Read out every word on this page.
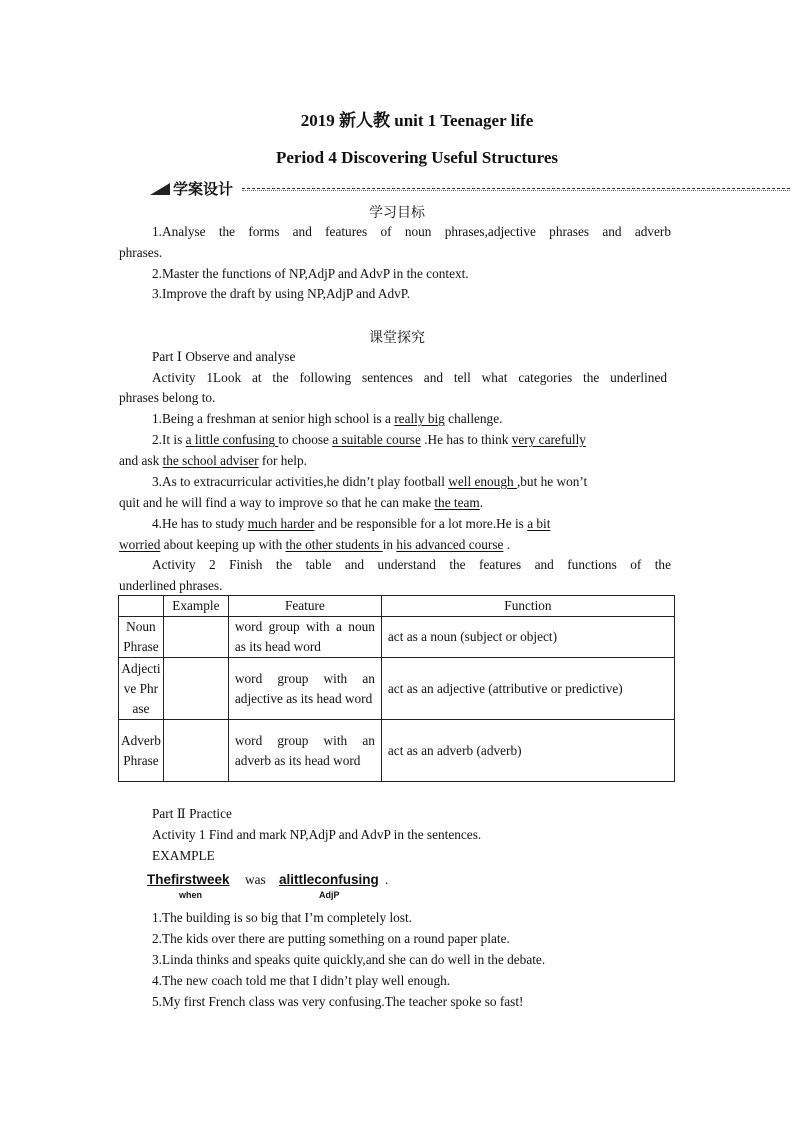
2019 新人教 unit 1 Teenager life
Period 4 Discovering Useful Structures
学案设计
学习目标
1.Analyse the forms and features of noun phrases,adjective phrases and adverb
phrases.
2.Master the functions of NP,AdjP and AdvP in the context.
3.Improve the draft by using NP,AdjP and AdvP.
课堂探究
Part Ⅰ Observe and analyse
Activity 1Look at the following sentences and tell what categories the underlined
phrases belong to.
1.Being a freshman at senior high school is a really big challenge.
2.It is a little confusing to choose a suitable course .He has to think very carefully
and ask the school adviser for help.
3.As to extracurricular activities,he didn’t play football well enough ,but he won’t
quit and he will find a way to improve so that he can make the team.
4.He has to study much harder and be responsible for a lot more.He is a bit
worried about keeping up with the other students in his advanced course .
Activity 2 Finish the table and understand the features and functions of the
underlined phrases.
	Example	Feature	Function
Noun Phrase		word group with a noun as its head word	act as a noun (subject or object)
Adjective Phrase		word group with an adjective as its head word	act as an adjective (attributive or predictive)
Adverb Phrase		word group with an adverb as its head word	act as an adverb (adverb)
Part Ⅱ Practice
Activity 1 Find and mark NP,AdjP and AdvP in the sentences.
EXAMPLE
Thefirstweek
when
was alittleconfusing
AdjP
.
1.The building is so big that I’m completely lost.
2.The kids over there are putting something on a round paper plate.
3.Linda thinks and speaks quite quickly,and she can do well in the debate.
4.The new coach told me that I didn’t play well enough.
5.My first French class was very confusing.The teacher spoke so fast!
